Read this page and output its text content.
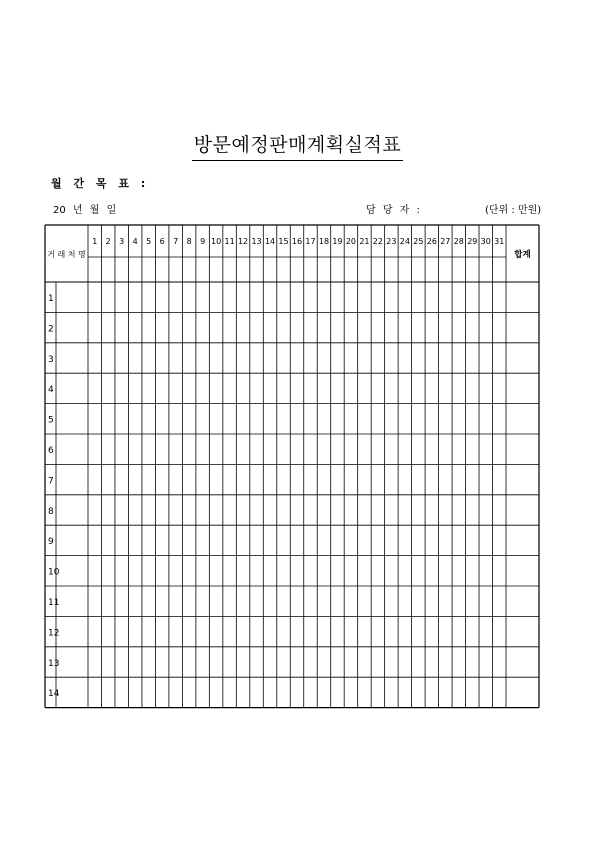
방문예정판매계획실적표
월 간 목 표 :
20 년 월 일	담 당 자 :	(단위 : 만원)
거 래 처 명
1 2 3 4 5 6 7 8 9 10 11 12 13 14 15 16 17 18 19 20 21 22 23 24 25 26 27 28 29 30 31
합계
1
2
3
4
5
6
7
8
9
10
11
12
13
14
